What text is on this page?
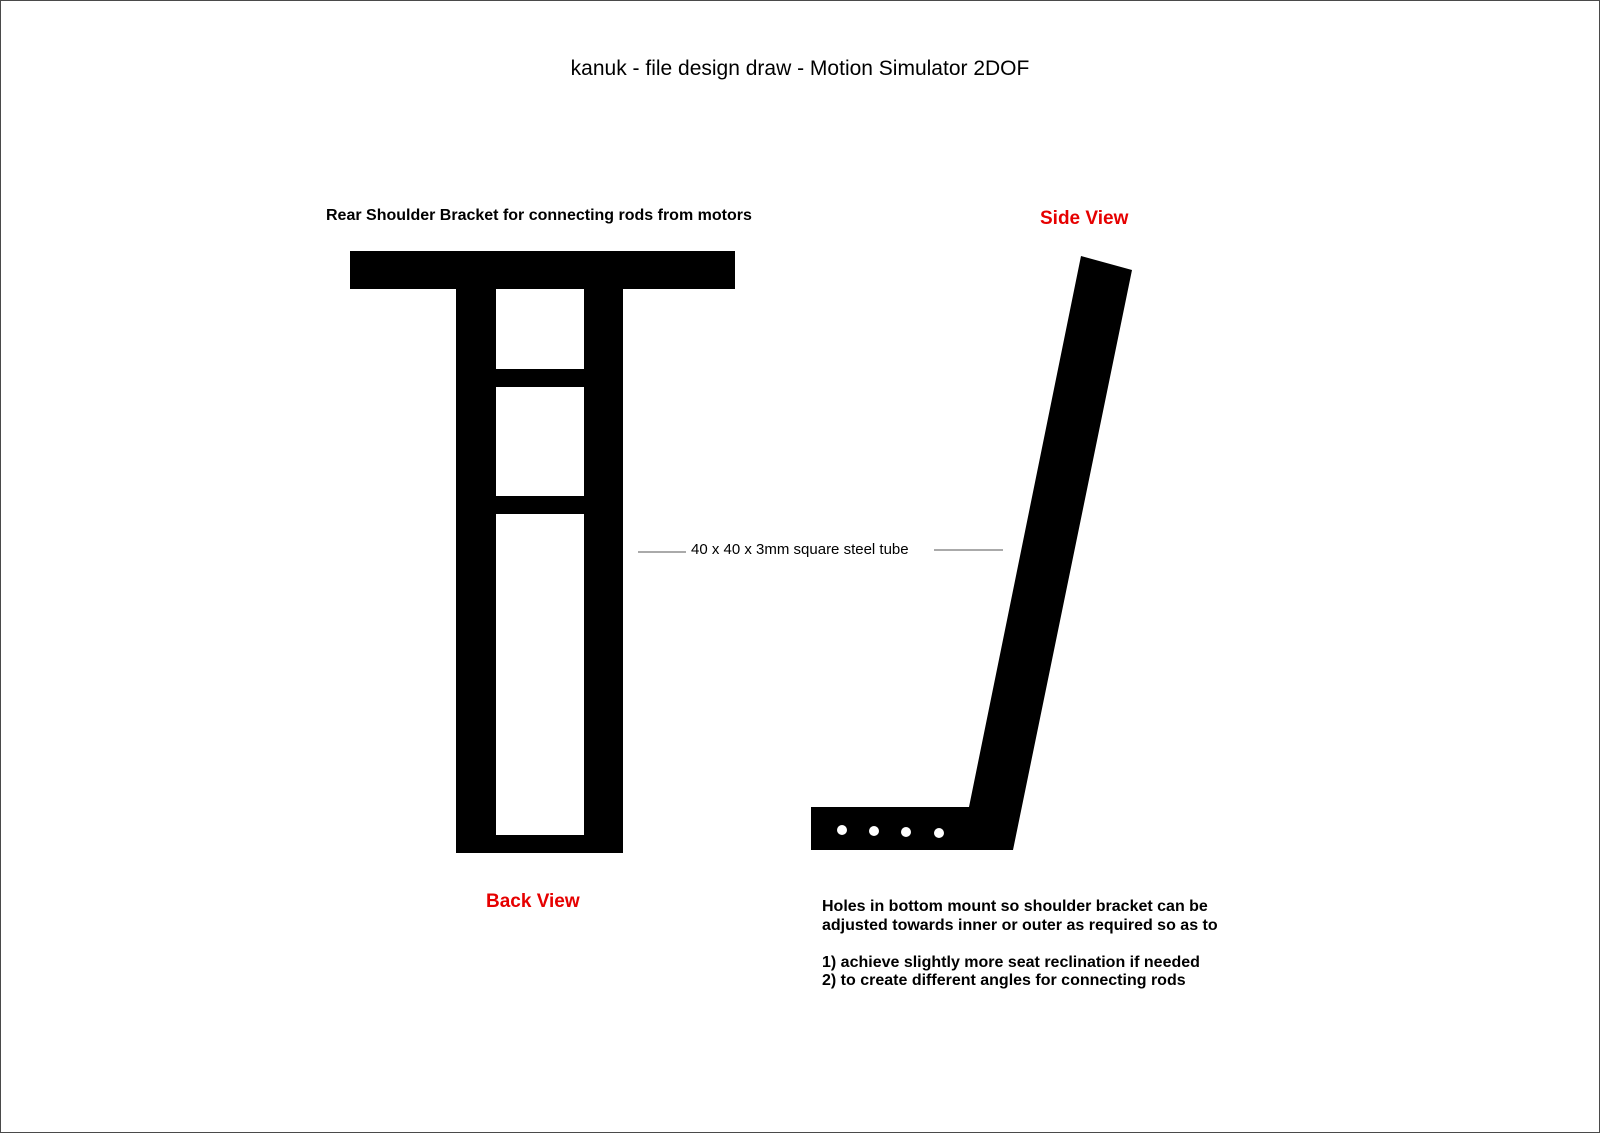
kanuk - file design draw - Motion Simulator 2DOF
Rear Shoulder Bracket for connecting rods from motors	Side View
Back View
40 x 40 x 3mm square steel tube
Holes in bottom mount so shoulder bracket can be
adjusted towards inner or outer as required so as to
1) achieve slightly more seat reclination if needed
2) to create different angles for connecting rods
